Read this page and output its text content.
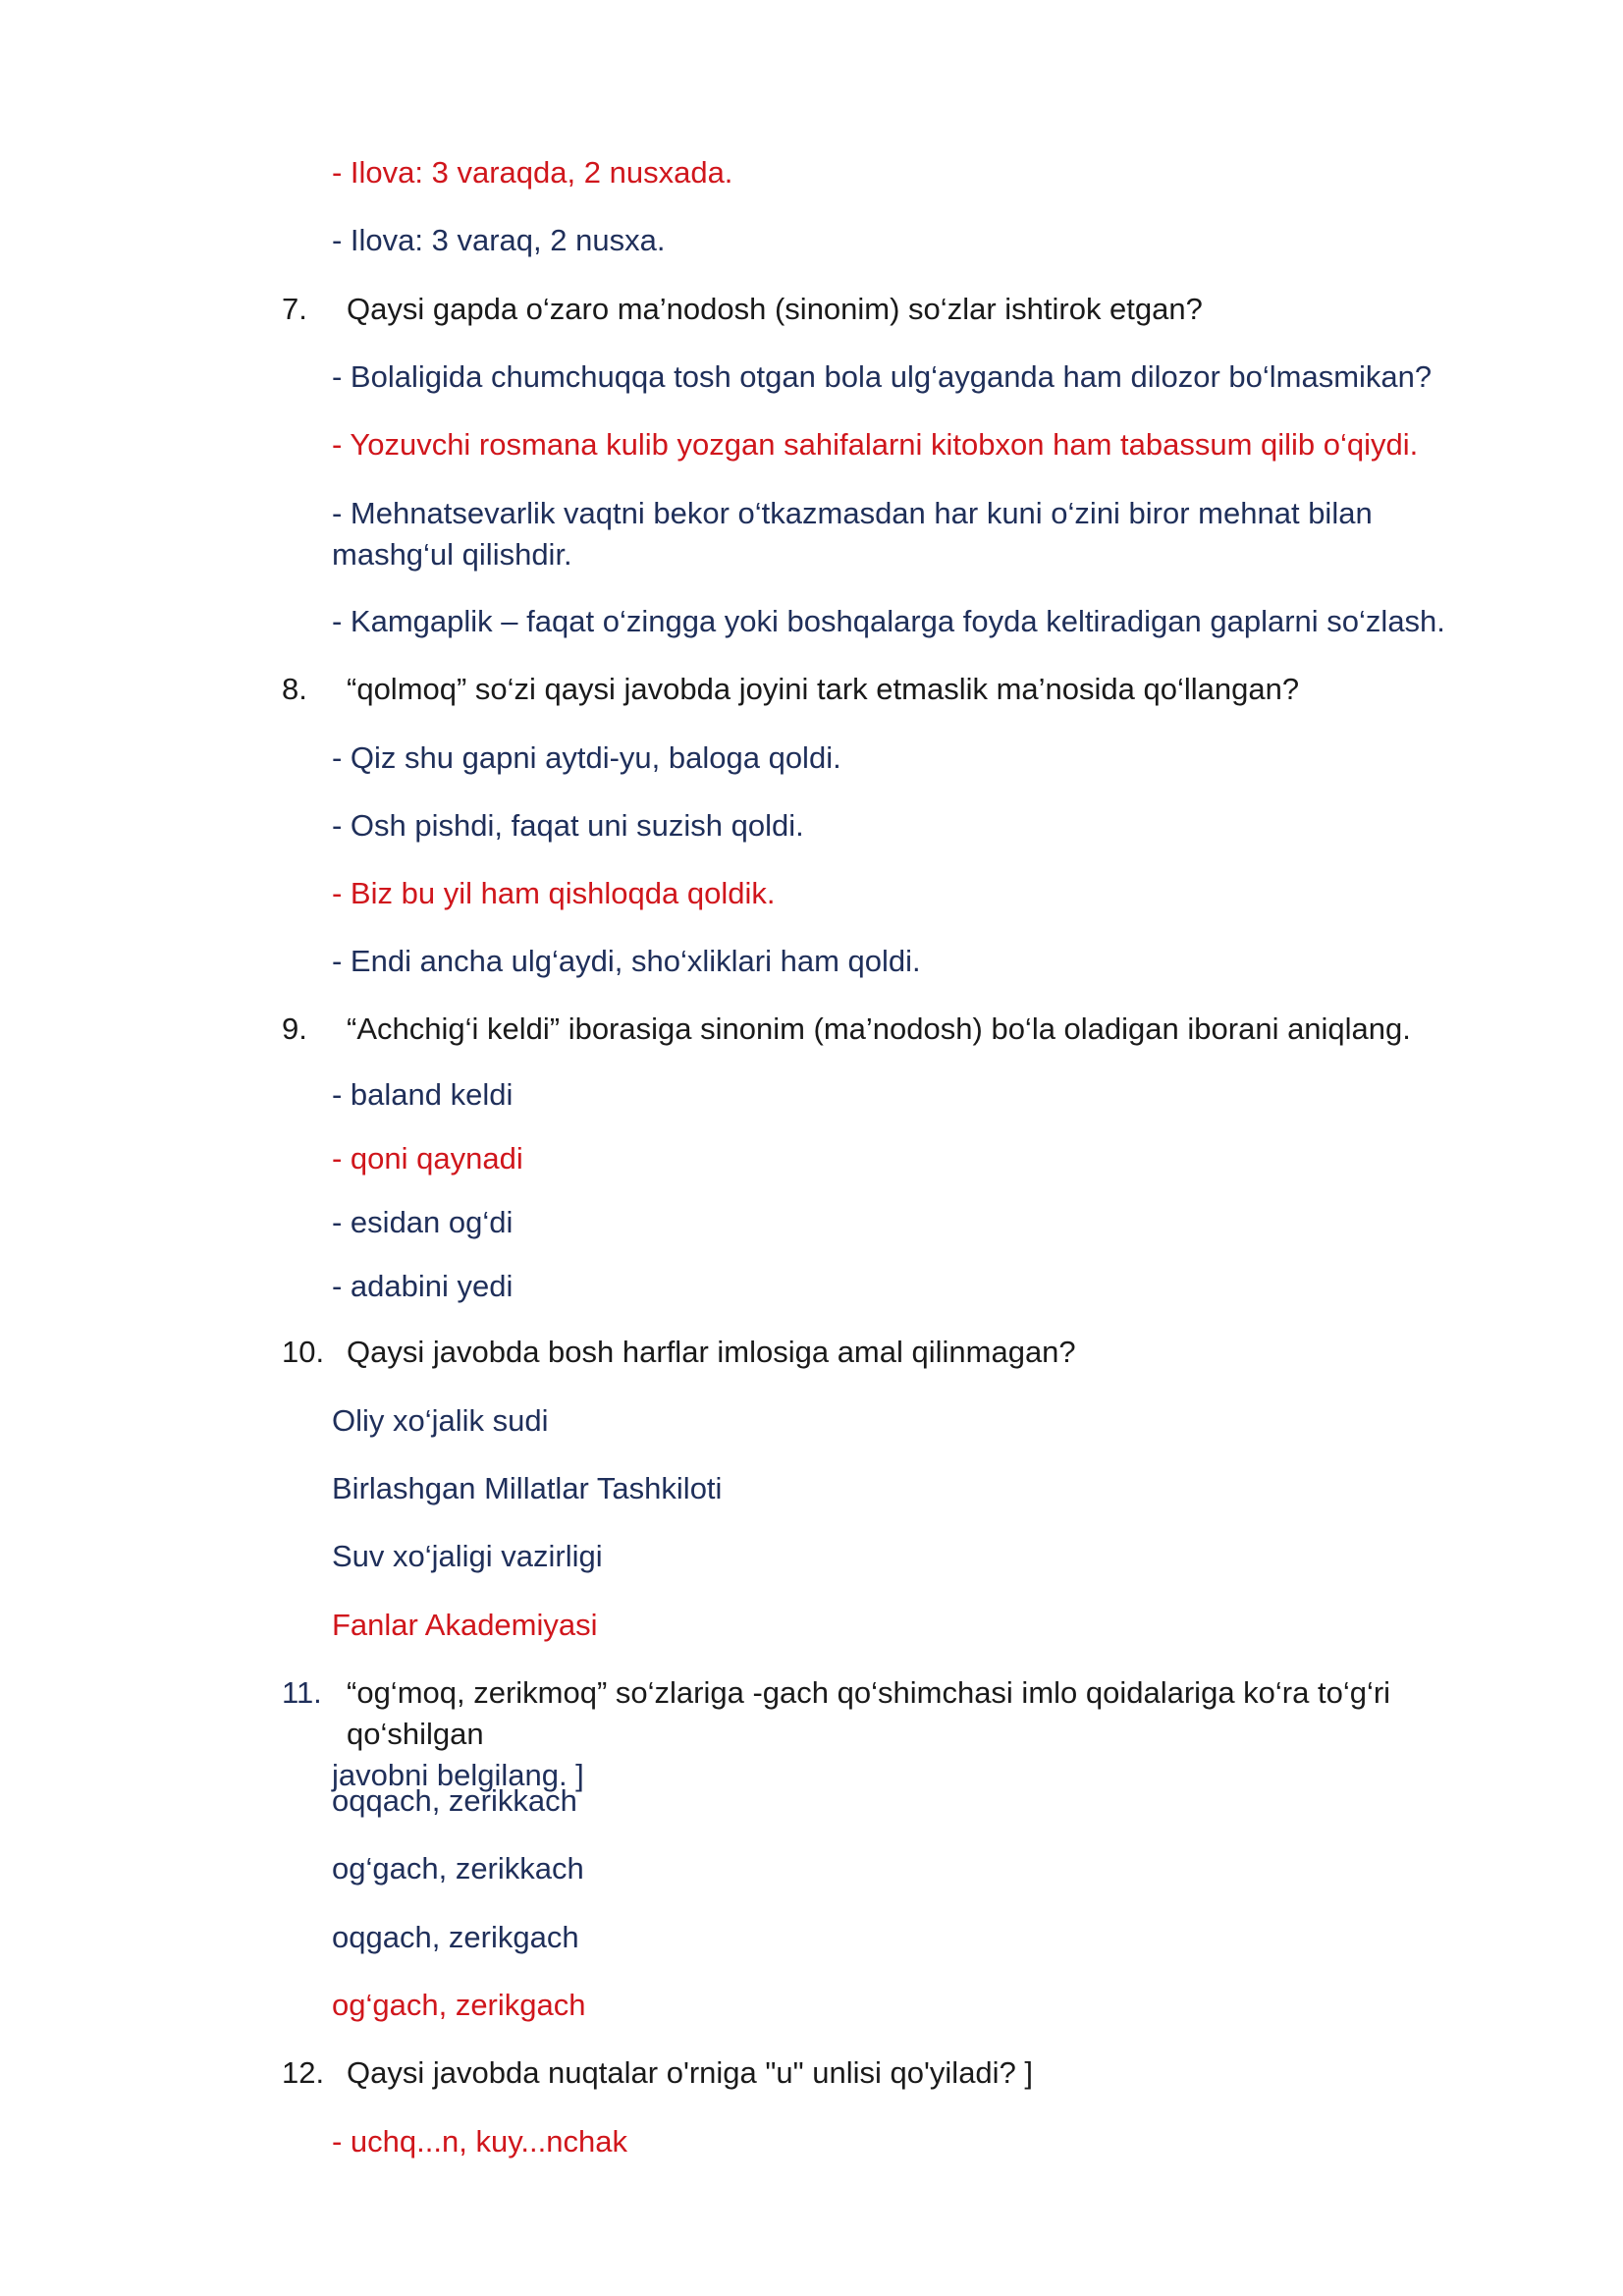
- Ilova: 3 varaqda, 2 nusxada.

- Ilova: 3 varaq, 2 nusxa.

7.	Qaysi gapda o‘zaro ma’nodosh (sinonim) so‘zlar ishtirok etgan?

- Bolaligida chumchuqqa tosh otgan bola ulg‘ayganda ham dilozor bo‘lmasmikan?

- Yozuvchi rosmana kulib yozgan sahifalarni kitobxon ham tabassum qilib o‘qiydi.

- Mehnatsevarlik vaqtni bekor o‘tkazmasdan har kuni o‘zini biror mehnat bilan mashg‘ul qilishdir.

- Kamgaplik – faqat o‘zingga yoki boshqalarga foyda keltiradigan gaplarni so‘zlash.

8.	“qolmoq” so‘zi qaysi javobda joyini tark etmaslik ma’nosida qo‘llangan?

- Qiz shu gapni aytdi-yu, baloga qoldi.

- Osh pishdi, faqat uni suzish qoldi.

- Biz bu yil ham qishloqda qoldik.

- Endi ancha ulg‘aydi, sho‘xliklari ham qoldi.

9.	“Achchig‘i keldi” iborasiga sinonim (ma’nodosh) bo‘la oladigan iborani aniqlang.

- baland keldi

- qoni qaynadi

- esidan og‘di

- adabini yedi

10. Qaysi javobda bosh harflar imlosiga amal qilinmagan?

Oliy xo‘jalik sudi

Birlashgan Millatlar Tashkiloti

Suv xo‘jaligi vazirligi

Fanlar Akademiyasi

11. “og‘moq, zerikmoq” so‘zlariga -gach qo‘shimchasi imlo qoidalariga ko‘ra to‘g‘ri qo‘shilgan
javobni belgilang. ]

oqqach, zerikkach

og‘gach, zerikkach

oqgach, zerikgach

og‘gach, zerikgach

12. Qaysi javobda nuqtalar o'rniga "u" unlisi qo'yiladi? ]

- uchq...n, kuy...nchak
